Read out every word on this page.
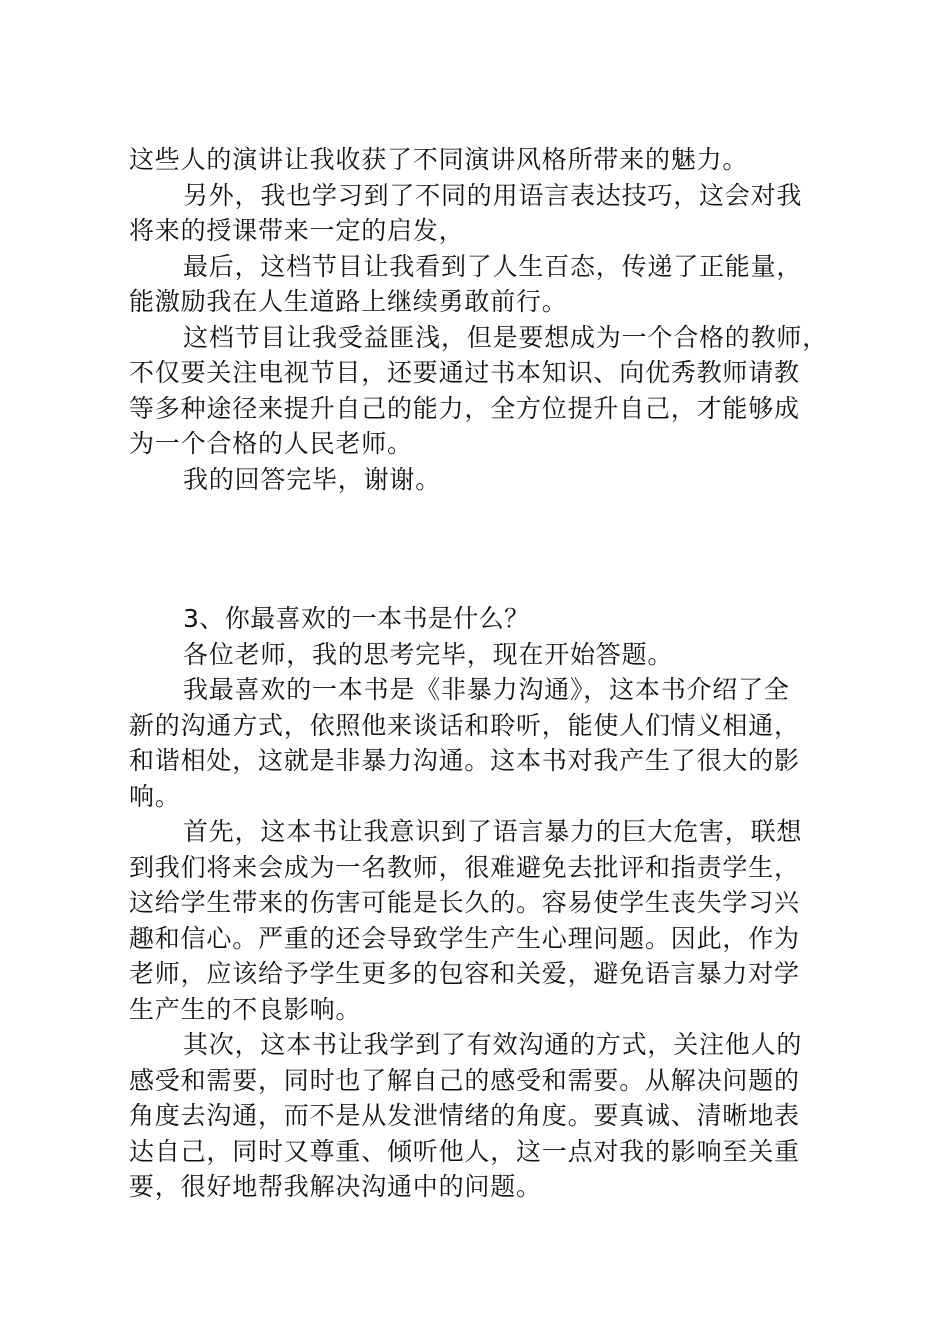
这些人的演讲让我收获了不同演讲风格所带来的魅力。
另外，我也学习到了不同的用语言表达技巧，这会对我
将来的授课带来一定的启发，
最后，这档节目让我看到了人生百态，传递了正能量，
能激励我在人生道路上继续勇敢前行。
这档节目让我受益匪浅，但是要想成为一个合格的教师，
不仅要关注电视节目，还要通过书本知识、向优秀教师请教
等多种途径来提升自己的能力，全方位提升自己，才能够成
为一个合格的人民老师。
我的回答完毕，谢谢。
3、你最喜欢的一本书是什么？
各位老师，我的思考完毕，现在开始答题。
我最喜欢的一本书是《非暴力沟通》，这本书介绍了全
新的沟通方式，依照他来谈话和聆听，能使人们情义相通，
和谐相处，这就是非暴力沟通。这本书对我产生了很大的影
响。
首先，这本书让我意识到了语言暴力的巨大危害，联想
到我们将来会成为一名教师，很难避免去批评和指责学生，
这给学生带来的伤害可能是长久的。容易使学生丧失学习兴
趣和信心。严重的还会导致学生产生心理问题。因此，作为
老师，应该给予学生更多的包容和关爱，避免语言暴力对学
生产生的不良影响。
其次，这本书让我学到了有效沟通的方式，关注他人的
感受和需要，同时也了解自己的感受和需要。从解决问题的
角度去沟通，而不是从发泄情绪的角度。要真诚、清晰地表
达自己，同时又尊重、倾听他人，这一点对我的影响至关重
要，很好地帮我解决沟通中的问题。
